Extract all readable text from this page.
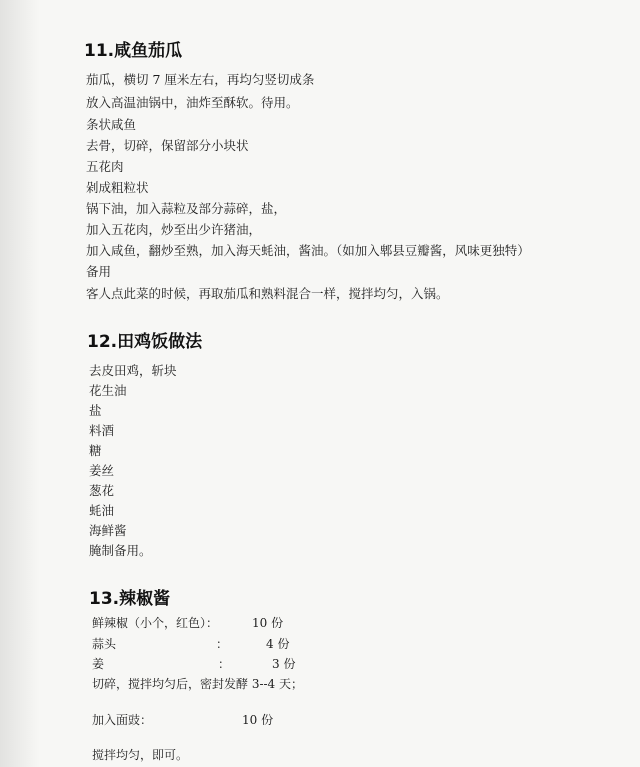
11.咸鱼茄瓜

茄瓜，横切 7 厘米左右，再均匀竖切成条

放入高温油锅中，油炸至酥软。待用。

条状咸鱼

去骨，切碎，保留部分小块状

五花肉

剁成粗粒状

锅下油，加入蒜粒及部分蒜碎，盐，

加入五花肉，炒至出少许猪油，

加入咸鱼，翻炒至熟，加入海天蚝油，酱油。（如加入郫县豆瓣酱，风味更独特）

备用

客人点此菜的时候，再取茄瓜和熟料混合一样，搅拌均匀，入锅。

12.田鸡饭做法

去皮田鸡，斩块

花生油

盐

料酒

糖

姜丝

葱花

蚝油

海鲜酱

腌制备用。

13.辣椒酱
鲜辣椒（小个，红色）：	10 份
蒜头	：	4 份
姜	：	3 份

切碎，搅拌均匀后，密封发酵 3--4 天；

加入面豉：	10 份

搅拌均匀，即可。
